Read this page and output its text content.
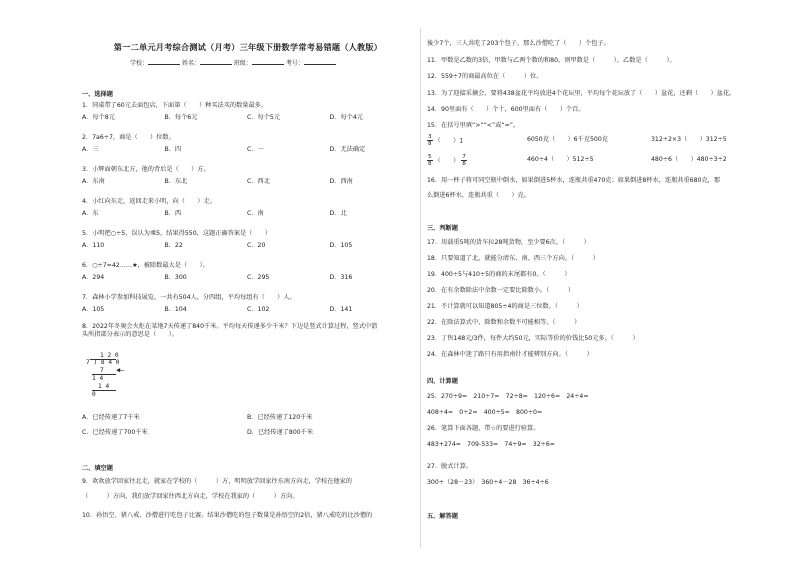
第一二单元月考综合测试（月考）三年级下册数学常考易错题（人教版）
学校：	姓名：	班级：	考号：
一、选择题
1．同桌带了60元去面包店，下面第（　　）种买法买的数量最多。
A．每个8元	B．每个6元	C．每个5元	D．每个4元
2．7a6÷7，商是（　　）位数。
A．三	B．四	C．一	D．无法确定
3．小辉面朝东北方，他的背后是（　　）方。
A．东南	B．东北	C．西北	D．西南
4．小红向东走，返回走来小明，向（　　）走。
A．东	B．西	C．南	D．北
5．小明把○÷5，误认为乘5，结果得550，这题正确答案是（　　）
A．110	B．22	C．20	D．105
6．○÷7=42……★，被除数最大是（　　）。
A．294	B．300	C．295	D．316
7．森林小学参加科技展览，一共有504人，分四组，平均每组有（　　）人。
A．105	B．104	C．102	D．141
8．2022年冬奥会火炬在某地7天传递了840千米。平均每天传递多少千米？下边是竖式计算过程，竖式中箭
头所指部分表示的意思是（　　）。
1 2 0
7 ) 8 4 0
7
1 4
1 4
0
◀—
A．已经传递了7千米	B．已经传递了120千米
C．已经传递了700千米	D．已经传递了800千米
二、填空题
9．欢欢放学回家往北走，就家在学校的（　　　）方，明明放学回家往东南方向走，学校在他家的
（　　　）方向，我们放学回家往西北方向走，学校在我家的（　　　）方向。
10．孙悟空、猪八戒、沙僧进行吃包子比赛。结果沙僧吃的包子数量是孙悟空的2倍，猪八戒吃的比沙僧的
後少7个，三人共吃了203个包子，那么沙僧吃了（　　）个包子。
11．甲数是乙数的3倍，甲数与乙两个数的和80，则甲数是（　　　），乙数是（　　　）。
12．559÷7的商最高位在（　　　）位。
13．为了迎接采摘会，要将438盆花平均放进4个花坛里，平均每个花坛放了（　　）盆花，还剩（　　）盆花。
14．90里面有（　　）个十，600里面有（　　）个百。
15．在括号里填“>”“<”或“=”。
$\frac{3}{8}$ （　　）1	6050克（　　）6千克500克	312÷2×3（　　）312÷5
$\frac{5}{8}$ （　　） $\frac{7}{8}$	460÷4（　　）512÷5	480÷6（　　）480÷3÷2
16．用一杯子将可同空瓶中倒水，如果倒进5杯水，连瓶共重470克；如果倒进8杯水，连瓶共重680克，那
么倒进6杯水，连瓶共重（　　）克。
三、判断题
17．用载重5吨的货车拉28吨货物，至少要6次。（　　　）
18．只要知道了北，就能分清东、南、西三个方向。（　　　）
19．400÷5与410÷5的商的末尾都有0。（　　　）
20．在有余数除法中余数一定要比除数小。（　　　）
21．不计算就可以知道805÷4的商是三位数。（　　　）
22．在除法算式中，除数和余数不可能相等。（　　　）
23．丁售148元/3件，每件大约50元，实际等价的价钱比50元多。（　　　）
24．在森林中迷了路只有用指南针才能辨别方向。（　　　）
四、计算题
25．270÷9=　210÷7=　72÷8=　120÷6=　24÷4=
408÷4=　0÷2=　400÷5=　800÷0=
26．笔算下面各题，带☆的要进行验算。
483+274=　709-533=　74÷9=　32÷6=
27．脱式计算。
300÷（28－23）　360÷4－28　36÷4÷6
五、解答题
